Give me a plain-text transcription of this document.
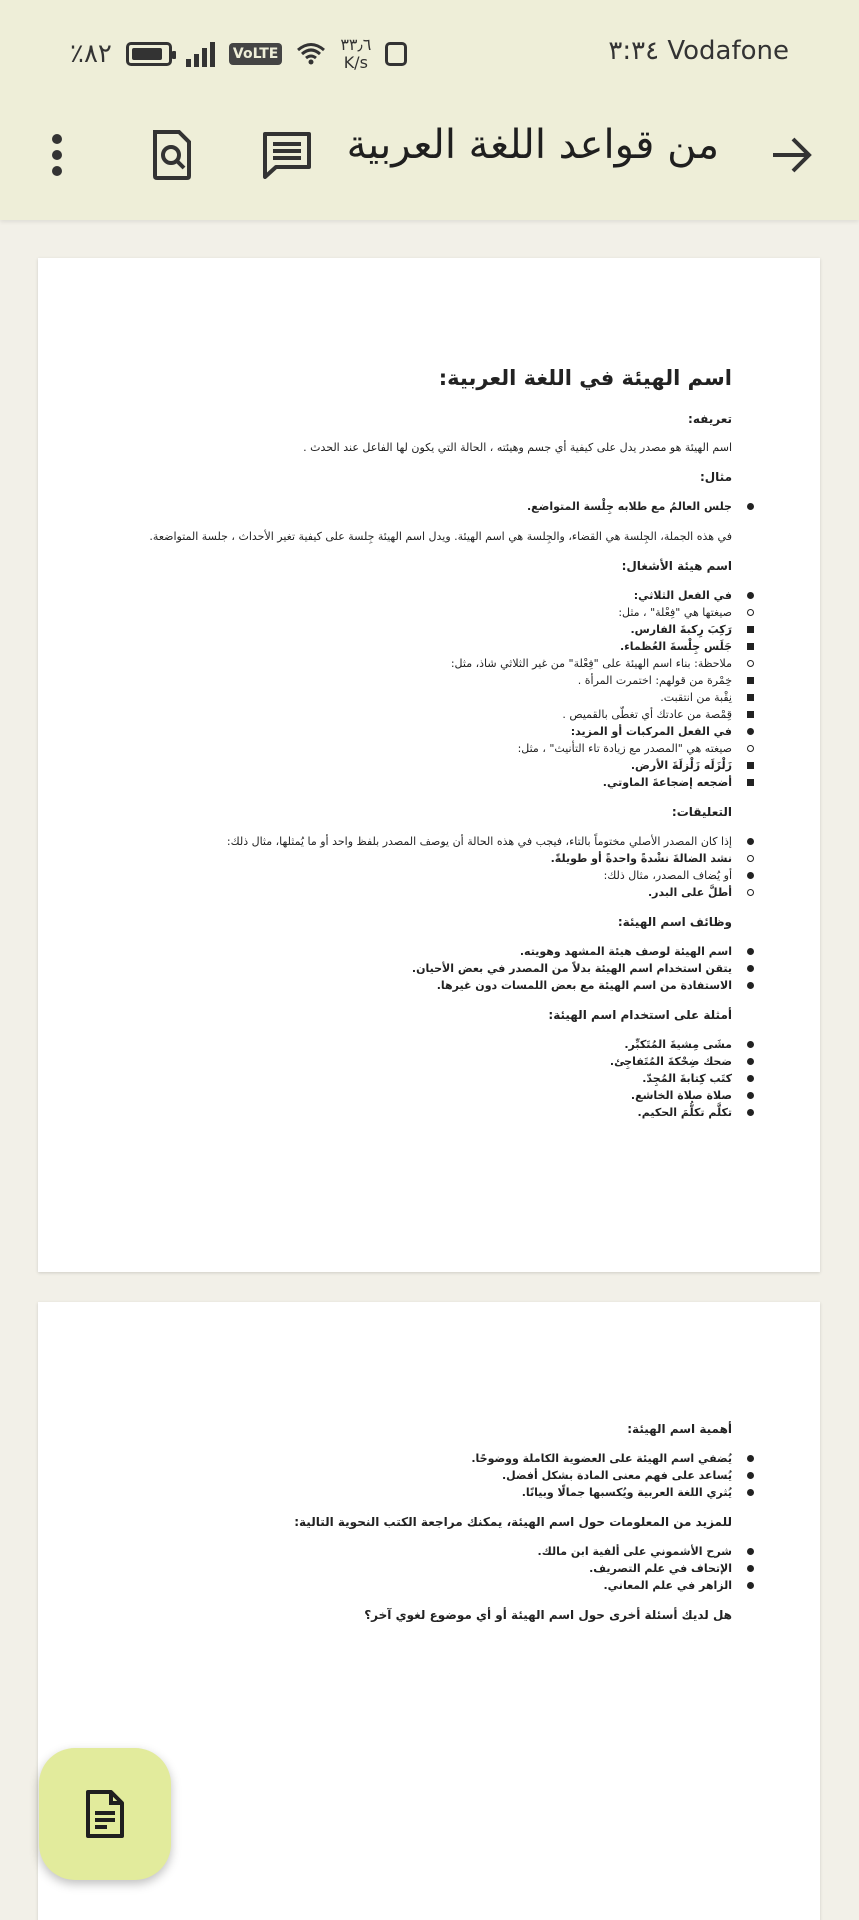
٪٨٢	VoLTE	٣٣٫٦
K/s	٣:٣٤ Vodafone
من قواعد اللغة العربية
اسم الهيئة في اللغة العربية:
تعريفه:
اسم الهيئة هو مصدر يدل على كيفية أي جسم وهيئته ، الحالة التي يكون لها الفاعل عند الحدث .
مثال:
جلس العالمُ مع طلابه جِلْسة المتواضع.
في هذه الجملة، الجِلسة هي القضاء، والجِلسة هي اسم الهيئة. ويدل اسم الهيئة جِلسة على كيفية تغير الأحداث ، جلسة المتواضعة.
اسم هيئة الأشغال:
في الفعل الثلاثي:
صيغتها هي "فِعْلة" ، مثل:
رَكِبَ رِكبةَ الفارس.
جَلَس جِلْسةَ العُظماء.
ملاحظة: بناء اسم الهيئة على "فِعْلة" من غير الثلاثي شاذ، مثل:
خِمْرة من قولهم: اختمرت المرأة .
نِقْبة من انتقبت.
قِمْصة من عادتك أي تغطّى بالقميص .
في الفعل المركبات أو المزيد:
صيغته هي "المصدر مع زيادة تاء التأنيث" ، مثل:
زَلْزَلَه زَلْزلَةَ الأرض.
أضجعه إضجاعةَ الماوتي.
التعليقات:
إذا كان المصدر الأصلي مختوماً بالتاء، فيجب في هذه الحالة أن يوصف المصدر بلفظ واحد أو ما يُمثلها، مثال ذلك:
نشد الضالةَ نشْدةً واحدةً أو طويلةً.
أو يُضاف المصدر، مثال ذلك:
أطلَّ على البدر.
وظائف اسم الهيئة:
اسم الهيئة لوصف هيئة المشهد وهويته.
يتقن استخدام اسم الهيئة بدلاً من المصدر في بعض الأحيان.
الاستفادة من اسم الهيئة مع بعض اللمسات دون غيرها.
أمثلة على استخدام اسم الهيئة:
مشَى مِشيةَ المُتَكبِّر.
ضحك ضِحْكةَ المُتَفاجِئ.
كتَب كِتابةَ المُجِدّ.
صلاة صلاة الخاشع.
تكلَّم تكلُّمَ الحكيم.
أهمية اسم الهيئة:
يُضفي اسم الهيئة على العضوية الكاملة ووضوحًا.
يُساعد على فهم معنى المادة بشكل أفضل.
يُثري اللغة العربية ويُكسبها جمالًا وبيانًا.
للمزيد من المعلومات حول اسم الهيئة، يمكنك مراجعة الكتب النحوية التالية:
شرح الأشموني على ألفية ابن مالك.
الإتحاف في علم التصريف.
الزاهر في علم المعاني.
هل لديك أسئلة أخرى حول اسم الهيئة أو أي موضوع لغوي آخر؟
